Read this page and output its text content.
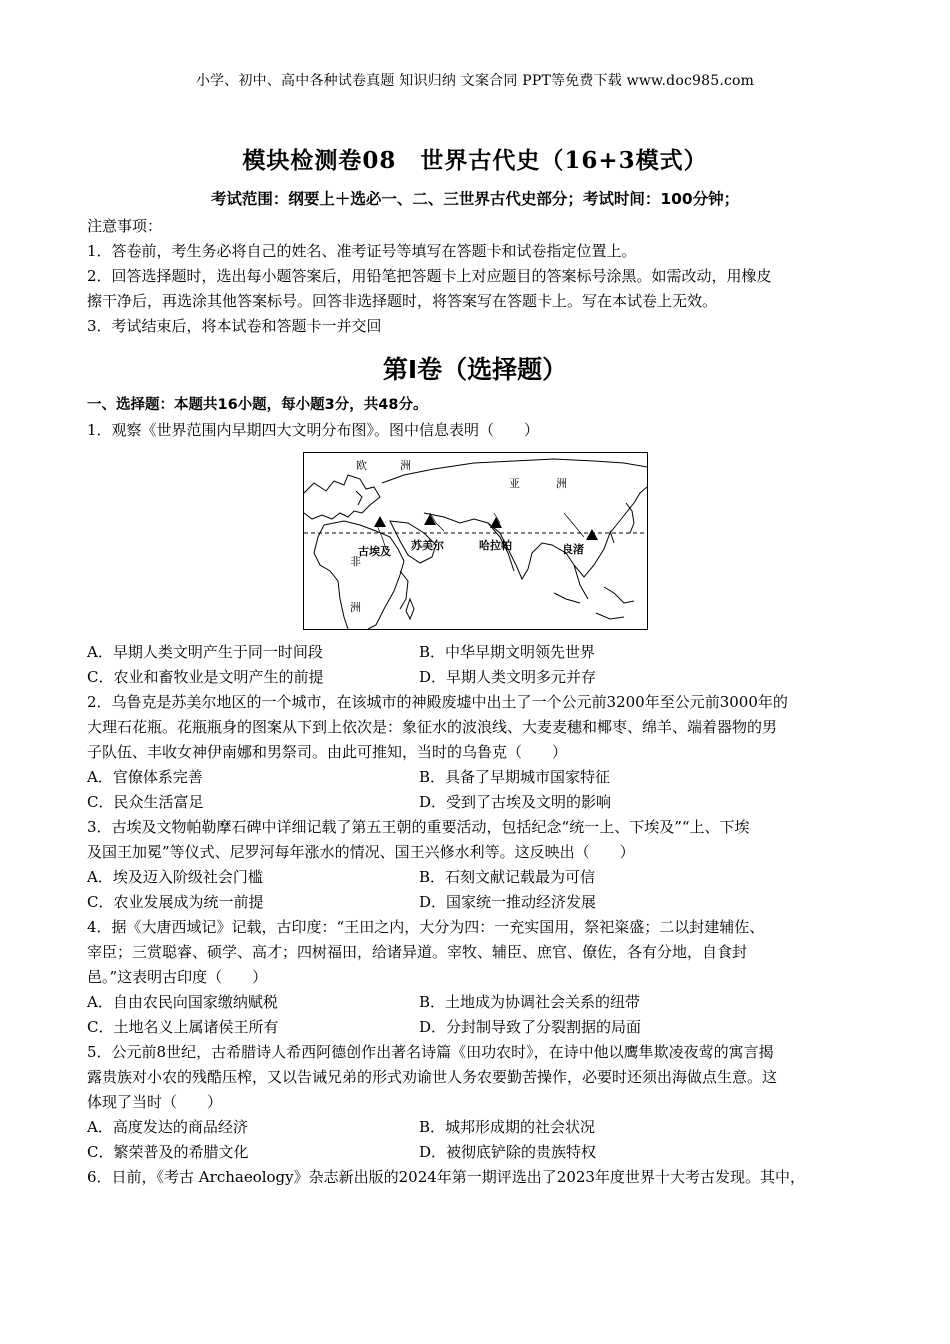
小学、初中、高中各种试卷真题 知识归纳 文案合同 PPT等免费下载 www.doc985.com
模块检测卷08　世界古代史（16+3模式）
考试范围：纲要上＋选必一、二、三世界古代史部分；考试时间：100分钟；

注意事项：

1．答卷前，考生务必将自己的姓名、准考证号等填写在答题卡和试卷指定位置上。

2．回答选择题时，选出每小题答案后，用铅笔把答题卡上对应题目的答案标号涂黑。如需改动，用橡皮

擦干净后，再选涂其他答案标号。回答非选择题时，将答案写在答题卡上。写在本试卷上无效。

3．考试结束后，将本试卷和答题卡一并交回

第I卷（选择题）

一、选择题：本题共16小题，每小题3分，共48分。

1．观察《世界范围内早期四大文明分布图》。图中信息表明（　　）

欧	洲
亚	洲
非
洲
古埃及 苏美尔	哈拉帕	良渚
A．早期人类文明产生于同一时间段	B．中华早期文明领先世界
C．农业和畜牧业是文明产生的前提	D．早期人类文明多元并存

2．乌鲁克是苏美尔地区的一个城市，在该城市的神殿废墟中出土了一个公元前3200年至公元前3000年的

大理石花瓶。花瓶瓶身的图案从下到上依次是：象征水的波浪线、大麦麦穗和椰枣、绵羊、端着器物的男

子队伍、丰收女神伊南娜和男祭司。由此可推知，当时的乌鲁克（　　）

A．官僚体系完善	B．具备了早期城市国家特征
C．民众生活富足	D．受到了古埃及文明的影响

3．古埃及文物帕勒摩石碑中详细记载了第五王朝的重要活动，包括纪念“统一上、下埃及”“上、下埃

及国王加冕”等仪式、尼罗河每年涨水的情况、国王兴修水利等。这反映出（　　）

A．埃及迈入阶级社会门槛	B．石刻文献记载最为可信
C．农业发展成为统一前提	D．国家统一推动经济发展

4．据《大唐西域记》记载，古印度：“王田之内，大分为四：一充实国用，祭祀粢盛；二以封建辅佐、

宰臣；三赏聪睿、硕学、高才；四树福田，给诸异道。宰牧、辅臣、庶官、僚佐，各有分地，自食封

邑。”这表明古印度（　　）

A．自由农民向国家缴纳赋税	B．土地成为协调社会关系的纽带
C．土地名义上属诸侯王所有	D．分封制导致了分裂割据的局面

5．公元前8世纪，古希腊诗人希西阿德创作出著名诗篇《田功农时》，在诗中他以鹰隼欺凌夜莺的寓言揭

露贵族对小农的残酷压榨，又以告诫兄弟的形式劝谕世人务农要勤苦操作，必要时还须出海做点生意。这

体现了当时（　　）

A．高度发达的商品经济	B．城邦形成期的社会状况
C．繁荣普及的希腊文化	D．被彻底铲除的贵族特权

6．日前，《考古 Archaeology》杂志新出版的2024年第一期评选出了2023年度世界十大考古发现。其中，
